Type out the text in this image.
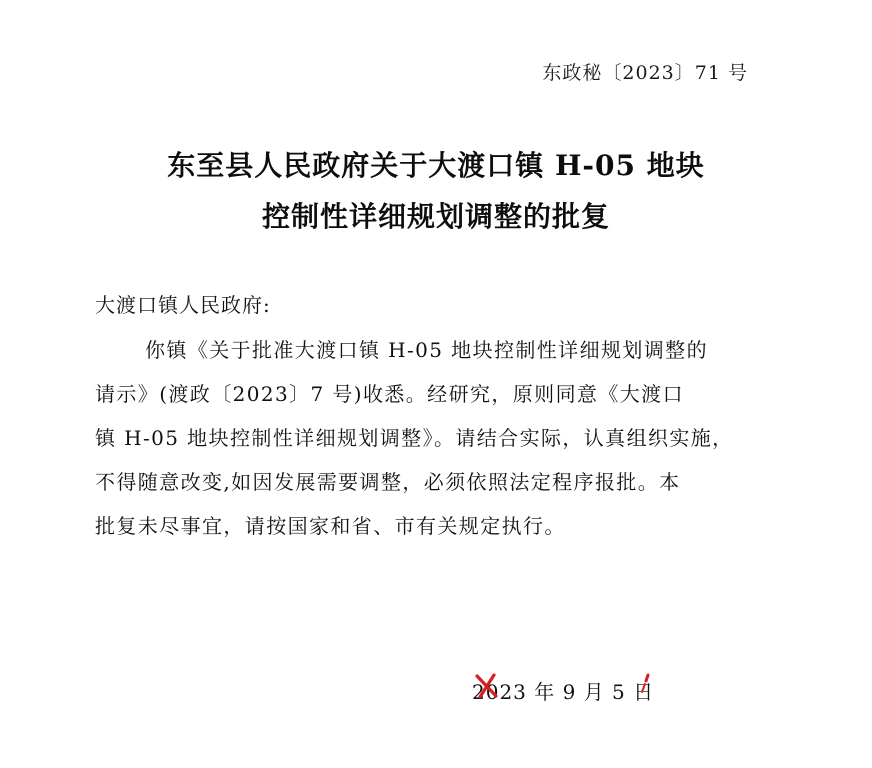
东政秘〔2023〕71 号
东至县人民政府关于大渡口镇 H-05 地块
控制性详细规划调整的批复
大渡口镇人民政府:
你镇《关于批准大渡口镇 H-05 地块控制性详细规划调整的
请示》(渡政〔2023〕7 号)收悉。经研究，原则同意《大渡口
镇 H-05 地块控制性详细规划调整》。请结合实际，认真组织实施，
不得随意改变,如因发展需要调整，必须依照法定程序报批。本
批复未尽事宜，请按国家和省、市有关规定执行。
2023 年 9 月 5 日
